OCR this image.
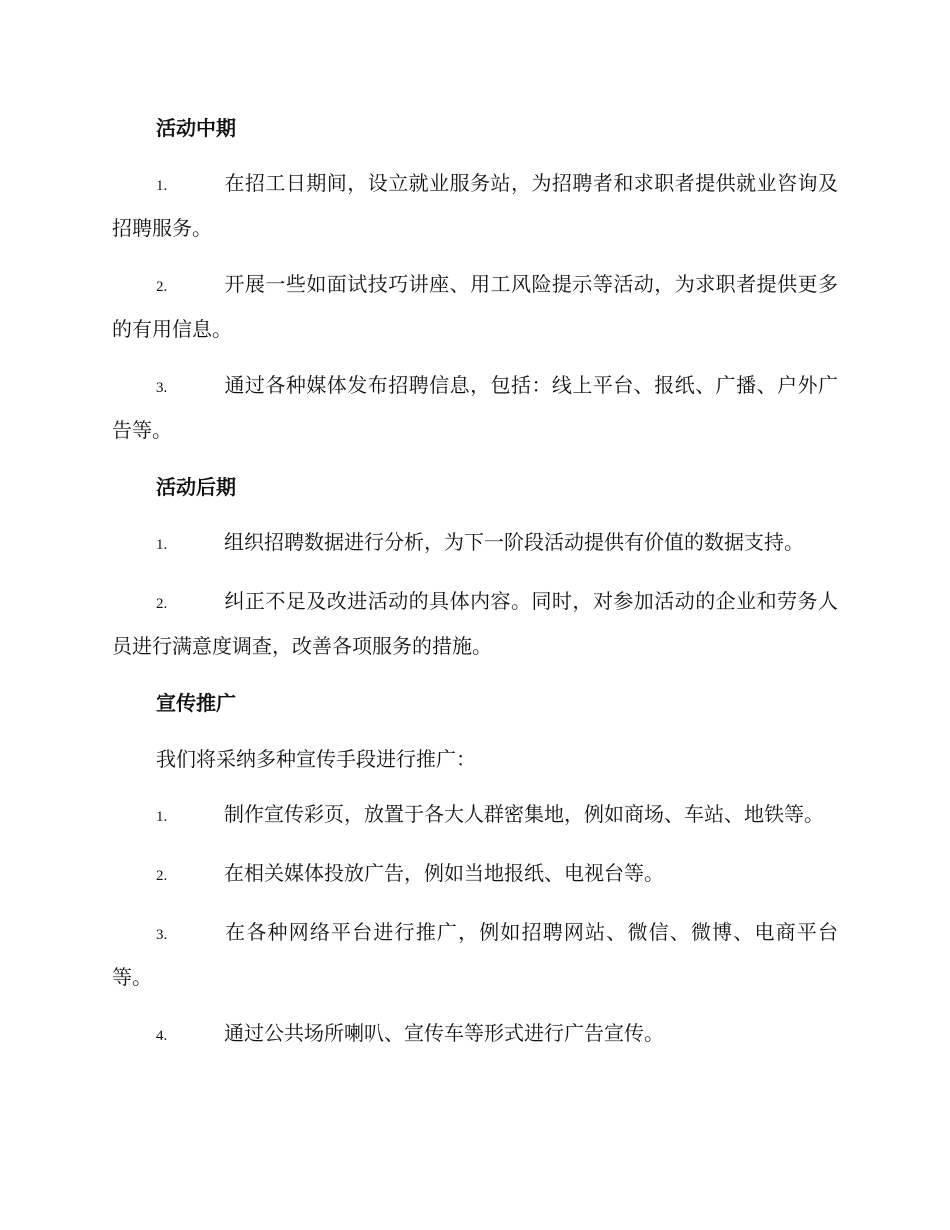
活动中期

1.	在招工日期间，设立就业服务站，为招聘者和求职者提供就业咨询及招聘服务。

2.	开展一些如面试技巧讲座、用工风险提示等活动，为求职者提供更多的有用信息。

3.	通过各种媒体发布招聘信息，包括：线上平台、报纸、广播、户外广告等。

活动后期

1.	组织招聘数据进行分析，为下一阶段活动提供有价值的数据支持。

2.	纠正不足及改进活动的具体内容。同时，对参加活动的企业和劳务人员进行满意度调查，改善各项服务的措施。

宣传推广

我们将采纳多种宣传手段进行推广：

1.	制作宣传彩页，放置于各大人群密集地，例如商场、车站、地铁等。

2.	在相关媒体投放广告，例如当地报纸、电视台等。

3.	在各种网络平台进行推广，例如招聘网站、微信、微博、电商平台等。

4.	通过公共场所喇叭、宣传车等形式进行广告宣传。
